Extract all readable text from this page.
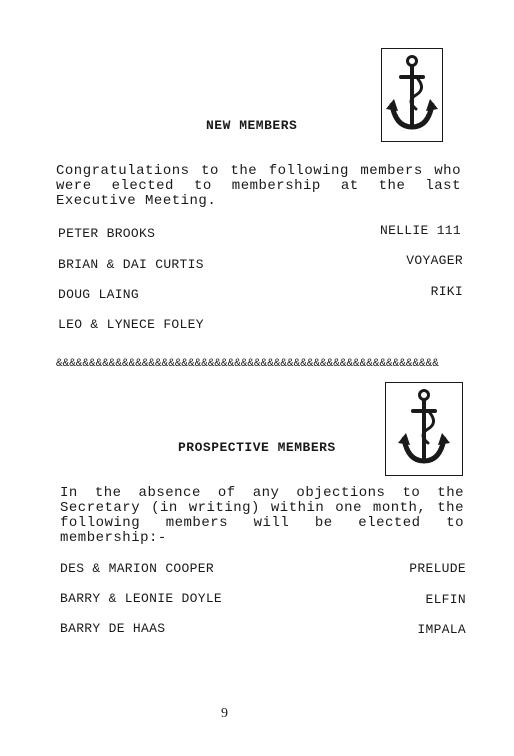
NEW MEMBERS
Congratulations to the following members who
were elected to membership at the last
Executive Meeting.
PETER BROOKS	NELLIE 111
BRIAN & DAI CURTIS	VOYAGER
DOUG LAING	RIKI
LEO & LYNECE FOLEY
&&&&&&&&&&&&&&&&&&&&&&&&&&&&&&&&&&&&&&&&&&&&&&&&&&&&&&&&&&
PROSPECTIVE MEMBERS
In the absence of any objections to the
Secretary (in writing) within one month, the
following members will be elected to
membership:-
DES & MARION COOPER	PRELUDE
BARRY & LEONIE DOYLE	ELFIN
BARRY DE HAAS	IMPALA
9
